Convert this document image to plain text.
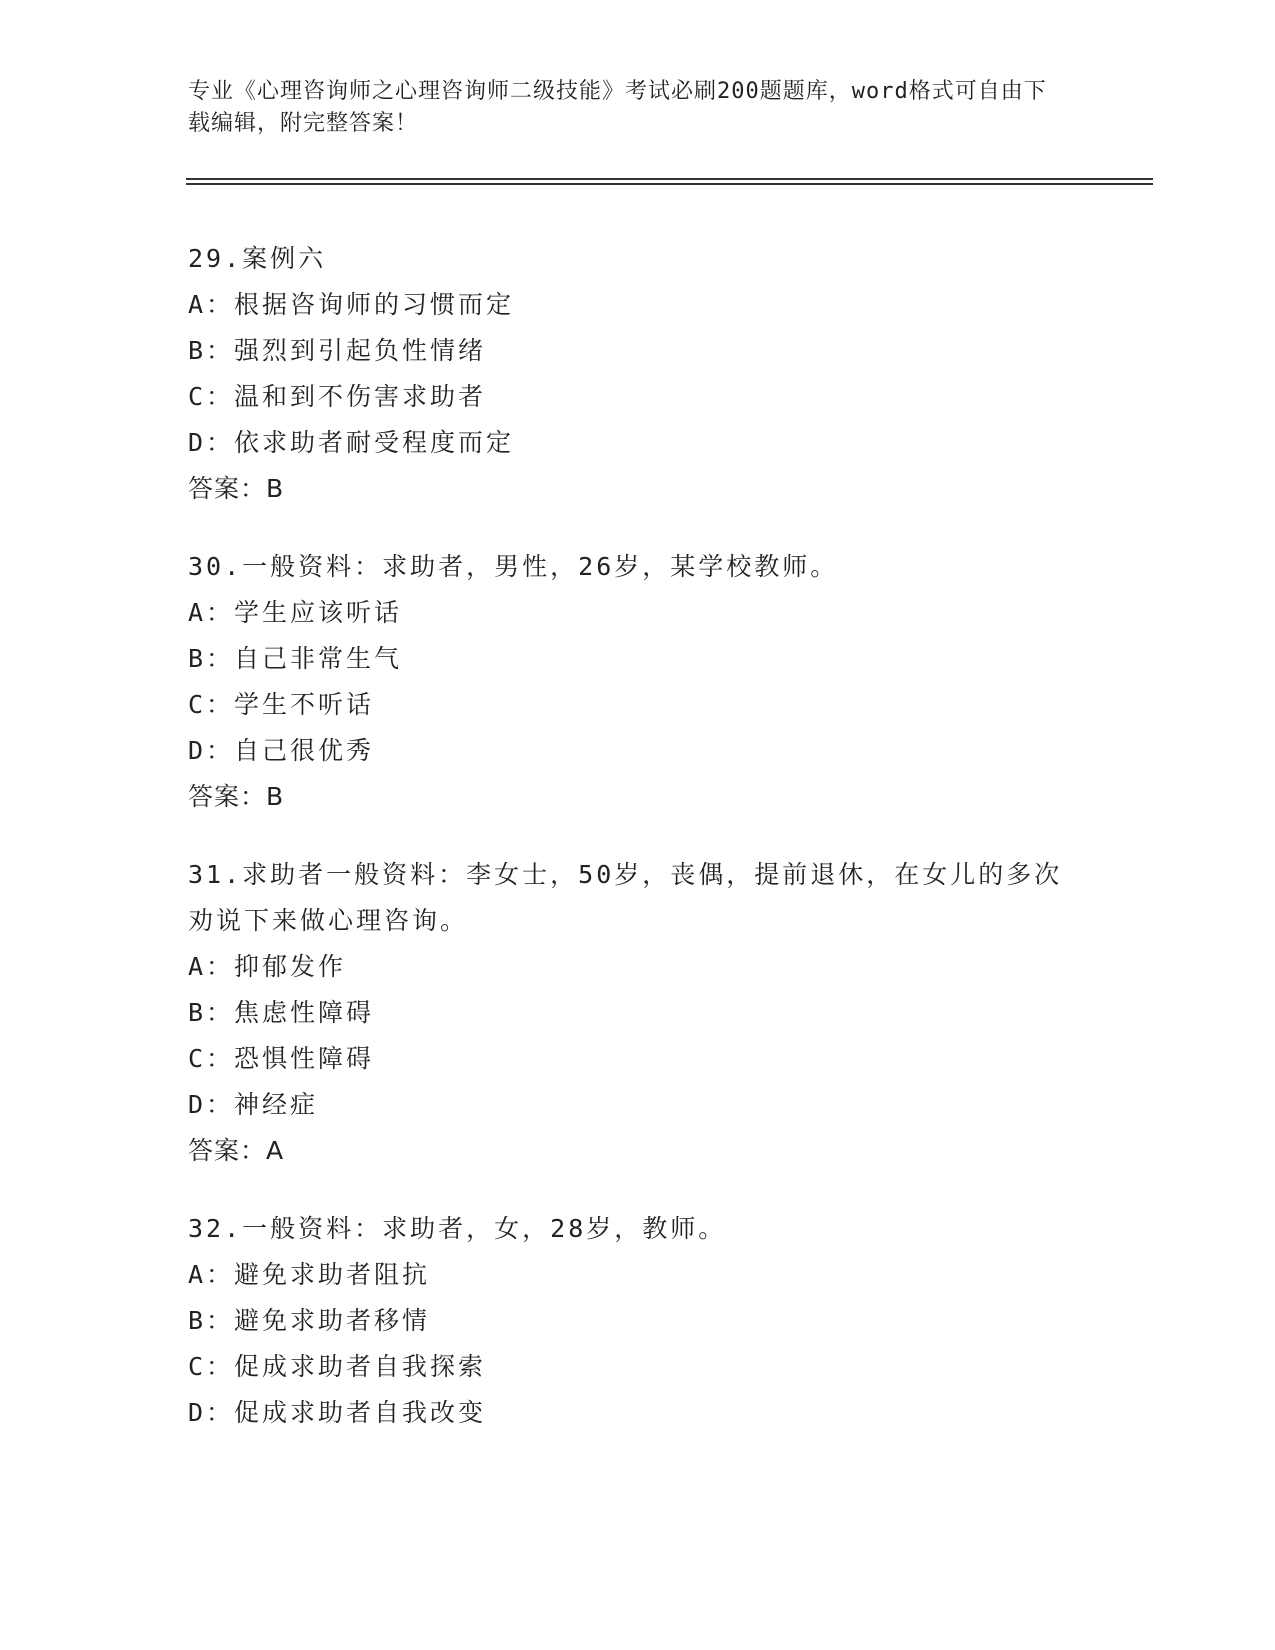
专业《心理咨询师之心理咨询师二级技能》考试必刷200题题库，word格式可自由下载编辑，附完整答案！
29.案例六
A：根据咨询师的习惯而定
B：强烈到引起负性情绪
C：温和到不伤害求助者
D：依求助者耐受程度而定
答案：B
30.一般资料：求助者，男性，26岁，某学校教师。
A：学生应该听话
B：自己非常生气
C：学生不听话
D：自己很优秀
答案：B
31.求助者一般资料：李女士，50岁，丧偶，提前退休，在女儿的多次劝说下来做心理咨询。
A：抑郁发作
B：焦虑性障碍
C：恐惧性障碍
D：神经症
答案：A
32.一般资料：求助者，女，28岁，教师。
A：避免求助者阻抗
B：避免求助者移情
C：促成求助者自我探索
D：促成求助者自我改变
